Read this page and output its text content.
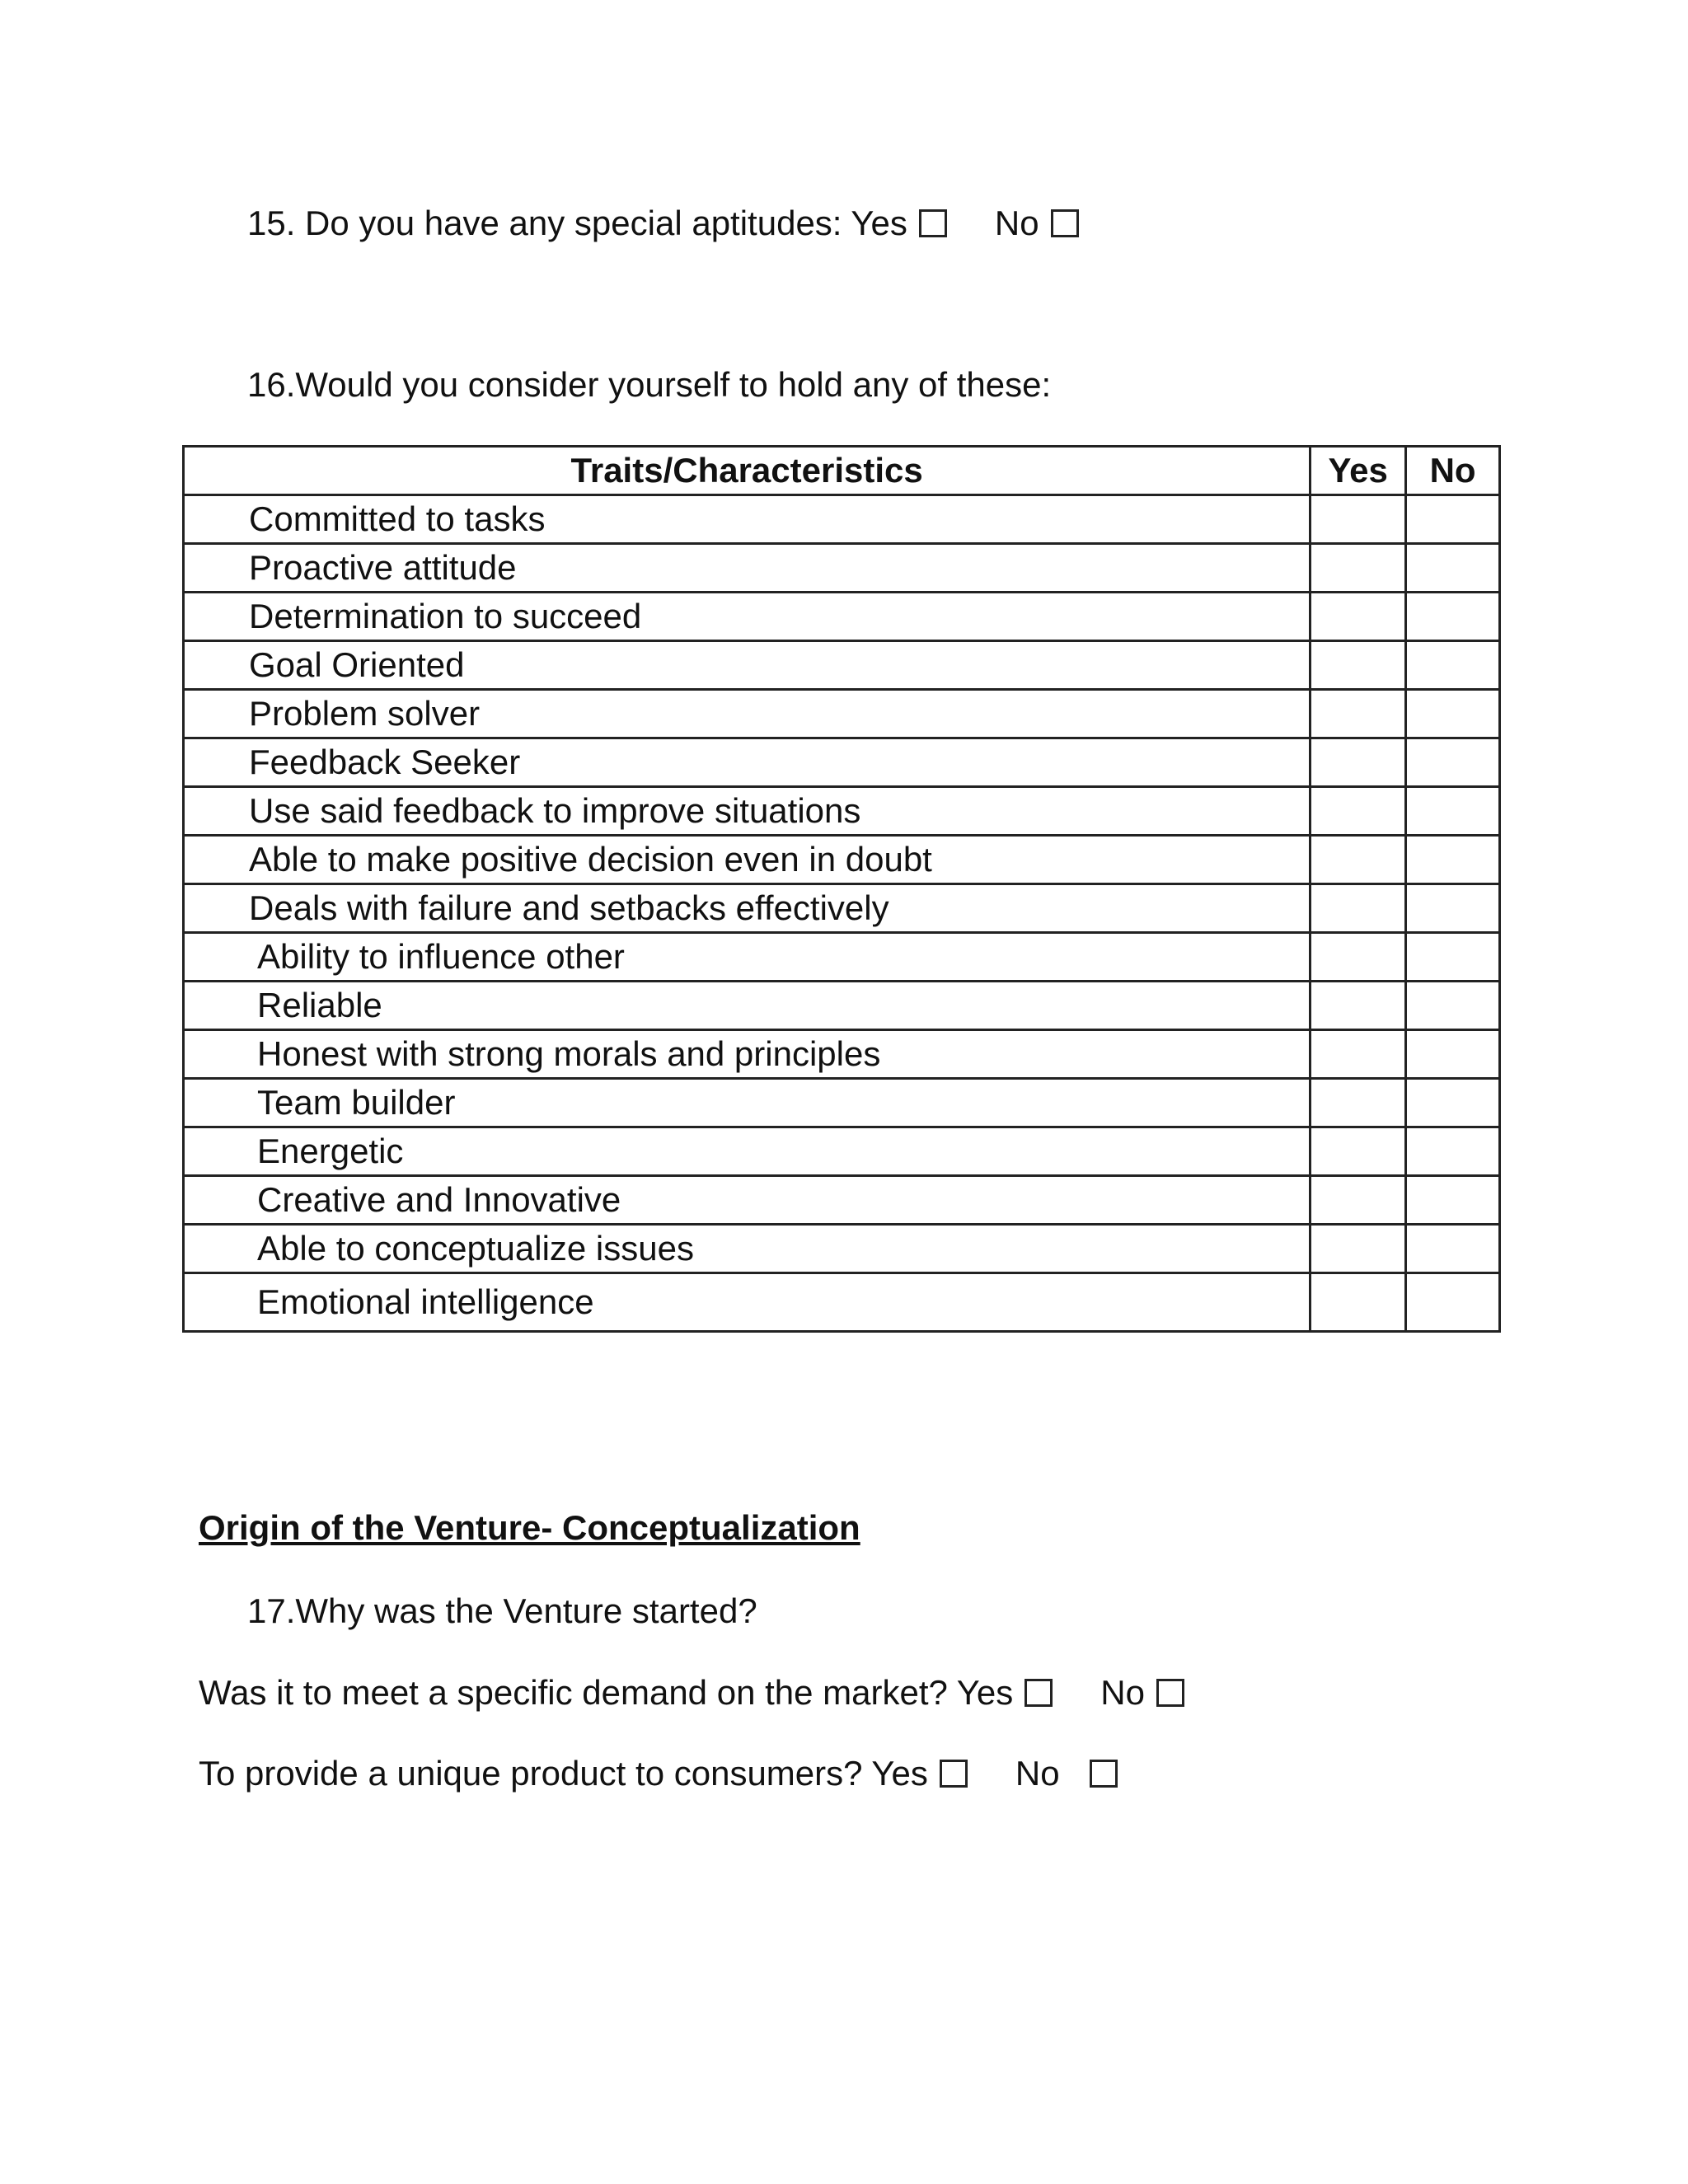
15. Do you have any special aptitudes: Yes	No
16.Would you consider yourself to hold any of these:
Traits/Characteristics	Yes	No
Committed to tasks		
Proactive attitude		
Determination to succeed		
Goal Oriented		
Problem solver		
Feedback Seeker		
Use said feedback to improve situations		
Able to make positive decision even in doubt		
Deals with failure and setbacks effectively		
Ability to influence other		
Reliable		
Honest with strong morals and principles		
Team builder		
Energetic		
Creative and Innovative		
Able to conceptualize issues		
Emotional intelligence		
Origin of the Venture- Conceptualization
17.Why was the Venture started?
Was it to meet a specific demand on the market? Yes	No
To provide a unique product to consumers? Yes	No
